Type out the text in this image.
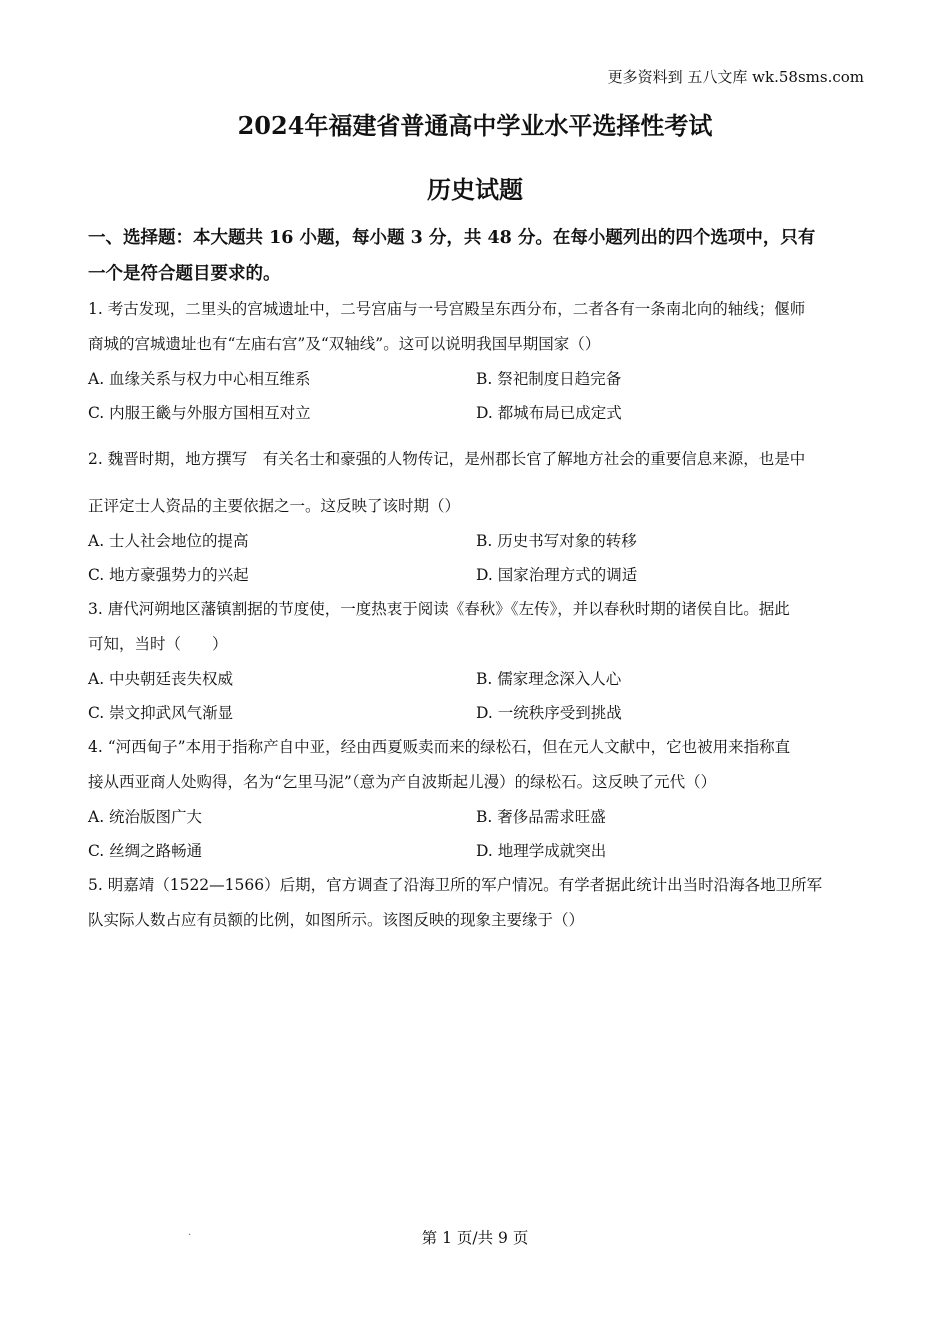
更多资料到 五八文库 wk.58sms.com
2024年福建省普通高中学业水平选择性考试
历史试题

一、选择题：本大题共 16 小题，每小题 3 分，共 48 分。在每小题列出的四个选项中，只有
一个是符合题目要求的。

1. 考古发现，二里头的宫城遗址中，二号宫庙与一号宫殿呈东西分布，二者各有一条南北向的轴线；偃师
商城的宫城遗址也有“左庙右宫”及“双轴线”。这可以说明我国早期国家（）

A. 血缘关系与权力中心相互维系	B. 祭祀制度日趋完备
C. 内服王畿与外服方国相互对立	D. 都城布局已成定式

2. 魏晋时期，地方撰写　有关名士和豪强的人物传记，是州郡长官了解地方社会的重要信息来源，也是中

正评定士人资品的主要依据之一。这反映了该时期（）

A. 士人社会地位的提高	B. 历史书写对象的转移
C. 地方豪强势力的兴起	D. 国家治理方式的调适

3. 唐代河朔地区藩镇割据的节度使，一度热衷于阅读《春秋》《左传》，并以春秋时期的诸侯自比。据此
可知，当时（　　）

A. 中央朝廷丧失权威	B. 儒家理念深入人心
C. 崇文抑武风气渐显	D. 一统秩序受到挑战

4. “河西甸子”本用于指称产自中亚，经由西夏贩卖而来的绿松石，但在元人文献中，它也被用来指称直
接从西亚商人处购得，名为“乞里马泥”（意为产自波斯起儿漫）的绿松石。这反映了元代（）

A. 统治版图广大	B. 奢侈品需求旺盛
C. 丝绸之路畅通	D. 地理学成就突出

5. 明嘉靖（1522—1566）后期，官方调查了沿海卫所的军户情况。有学者据此统计出当时沿海各地卫所军
队实际人数占应有员额的比例，如图所示。该图反映的现象主要缘于（）

.	第 1 页/共 9 页
